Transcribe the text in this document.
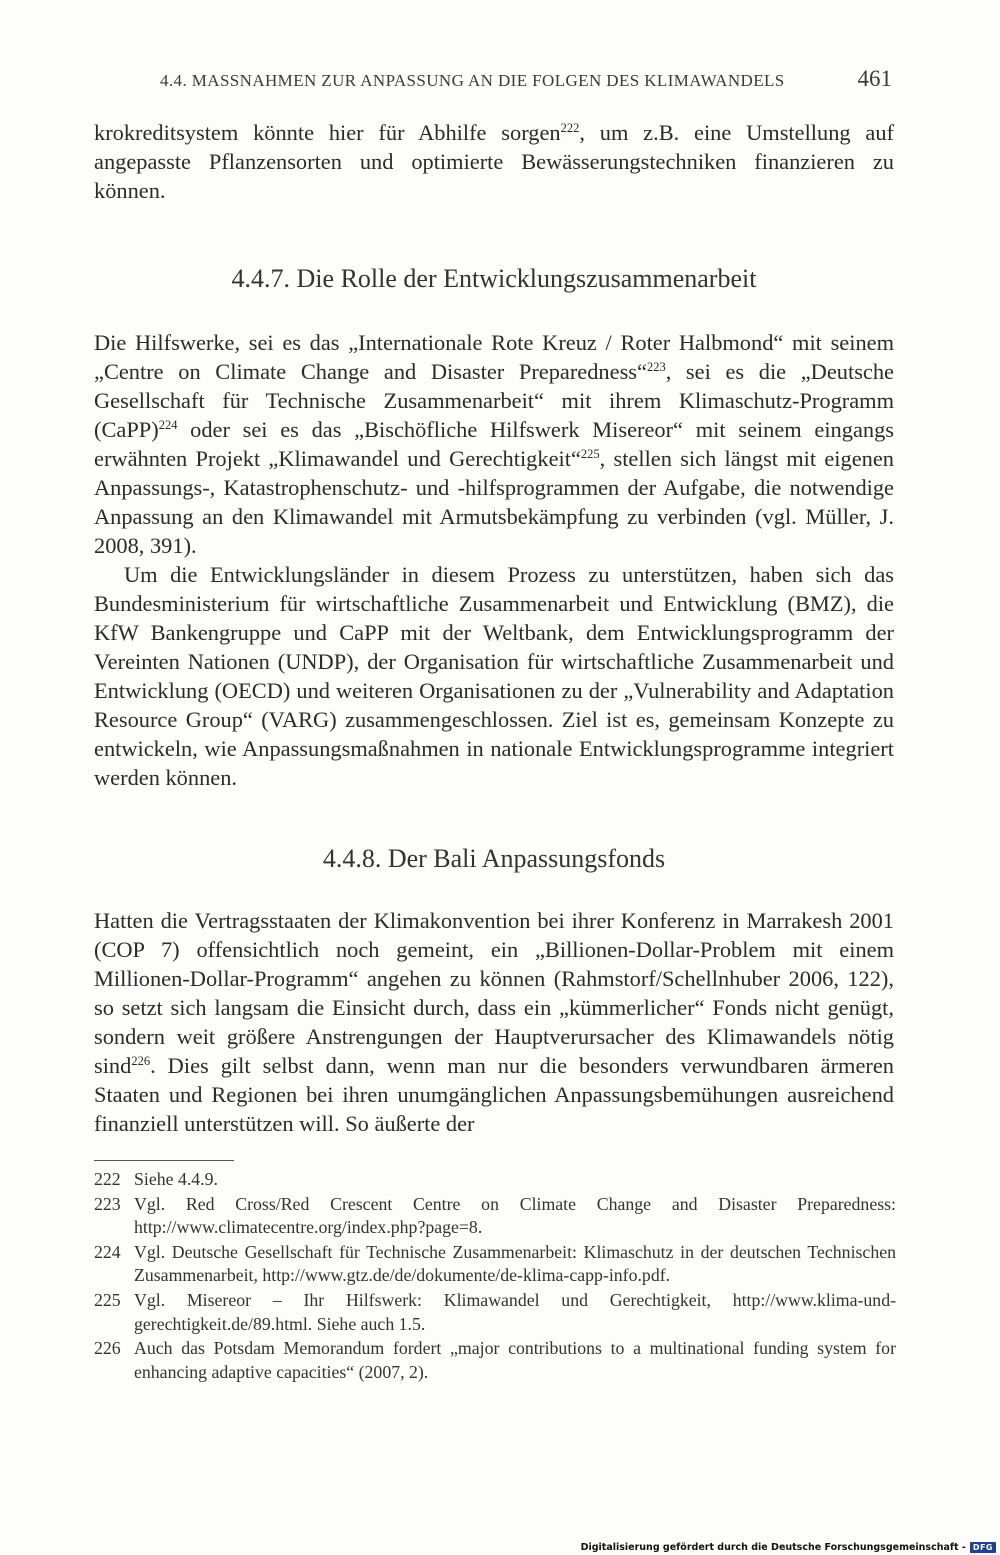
4.4. MASSNAHMEN ZUR ANPASSUNG AN DIE FOLGEN DES KLIMAWANDELS	461

krokreditsystem könnte hier für Abhilfe sorgen$^{222}$, um z.B. eine Umstellung auf angepasste Pflanzensorten und optimierte Bewässerungstechniken finanzieren zu können.

4.4.7. Die Rolle der Entwicklungszusammenarbeit

Die Hilfswerke, sei es das „Internationale Rote Kreuz / Roter Halbmond“ mit seinem „Centre on Climate Change and Disaster Preparedness“$^{223}$, sei es die „Deutsche Gesellschaft für Technische Zusammenarbeit“ mit ihrem Klimaschutz-Programm (CaPP)$^{224}$ oder sei es das „Bischöfliche Hilfswerk Misereor“ mit seinem eingangs erwähnten Projekt „Klimawandel und Gerechtigkeit“$^{225}$, stellen sich längst mit eigenen Anpassungs-, Katastrophenschutz- und -hilfsprogrammen der Aufgabe, die notwendige Anpassung an den Klimawandel mit Armutsbekämpfung zu verbinden (vgl. Müller, J. 2008, 391).

Um die Entwicklungsländer in diesem Prozess zu unterstützen, haben sich das Bundesministerium für wirtschaftliche Zusammenarbeit und Entwicklung (BMZ), die KfW Bankengruppe und CaPP mit der Weltbank, dem Entwicklungsprogramm der Vereinten Nationen (UNDP), der Organisation für wirtschaftliche Zusammenarbeit und Entwicklung (OECD) und weiteren Organisationen zu der „Vulnerability and Adaptation Resource Group“ (VARG) zusammengeschlossen. Ziel ist es, gemeinsam Konzepte zu entwickeln, wie Anpassungsmaßnahmen in nationale Entwicklungsprogramme integriert werden können.

4.4.8. Der Bali Anpassungsfonds

Hatten die Vertragsstaaten der Klimakonvention bei ihrer Konferenz in Marrakesh 2001 (COP 7) offensichtlich noch gemeint, ein „Billionen-Dollar-Problem mit einem Millionen-Dollar-Programm“ angehen zu können (Rahmstorf/Schellnhuber 2006, 122), so setzt sich langsam die Einsicht durch, dass ein „kümmerlicher“ Fonds nicht genügt, sondern weit größere Anstrengungen der Hauptverursacher des Klimawandels nötig sind$^{226}$. Dies gilt selbst dann, wenn man nur die besonders verwundbaren ärmeren Staaten und Regionen bei ihren unumgänglichen Anpassungsbemühungen ausreichend finanziell unterstützen will. So äußerte der

222 Siehe 4.4.9.
223 Vgl. Red Cross/Red Crescent Centre on Climate Change and Disaster Preparedness: http://www.climatecentre.org/index.php?page=8.
224 Vgl. Deutsche Gesellschaft für Technische Zusammenarbeit: Klimaschutz in der deutschen Technischen Zusammenarbeit, http://www.gtz.de/de/dokumente/de-klima-capp-info.pdf.
225 Vgl. Misereor – Ihr Hilfswerk: Klimawandel und Gerechtigkeit, http://www.klima-und-gerechtigkeit.de/89.html. Siehe auch 1.5.
226 Auch das Potsdam Memorandum fordert „major contributions to a multinational funding system for enhancing adaptive capacities“ (2007, 2).
Digitalisierung gefördert durch die Deutsche Forschungsgemeinschaft - DFG
